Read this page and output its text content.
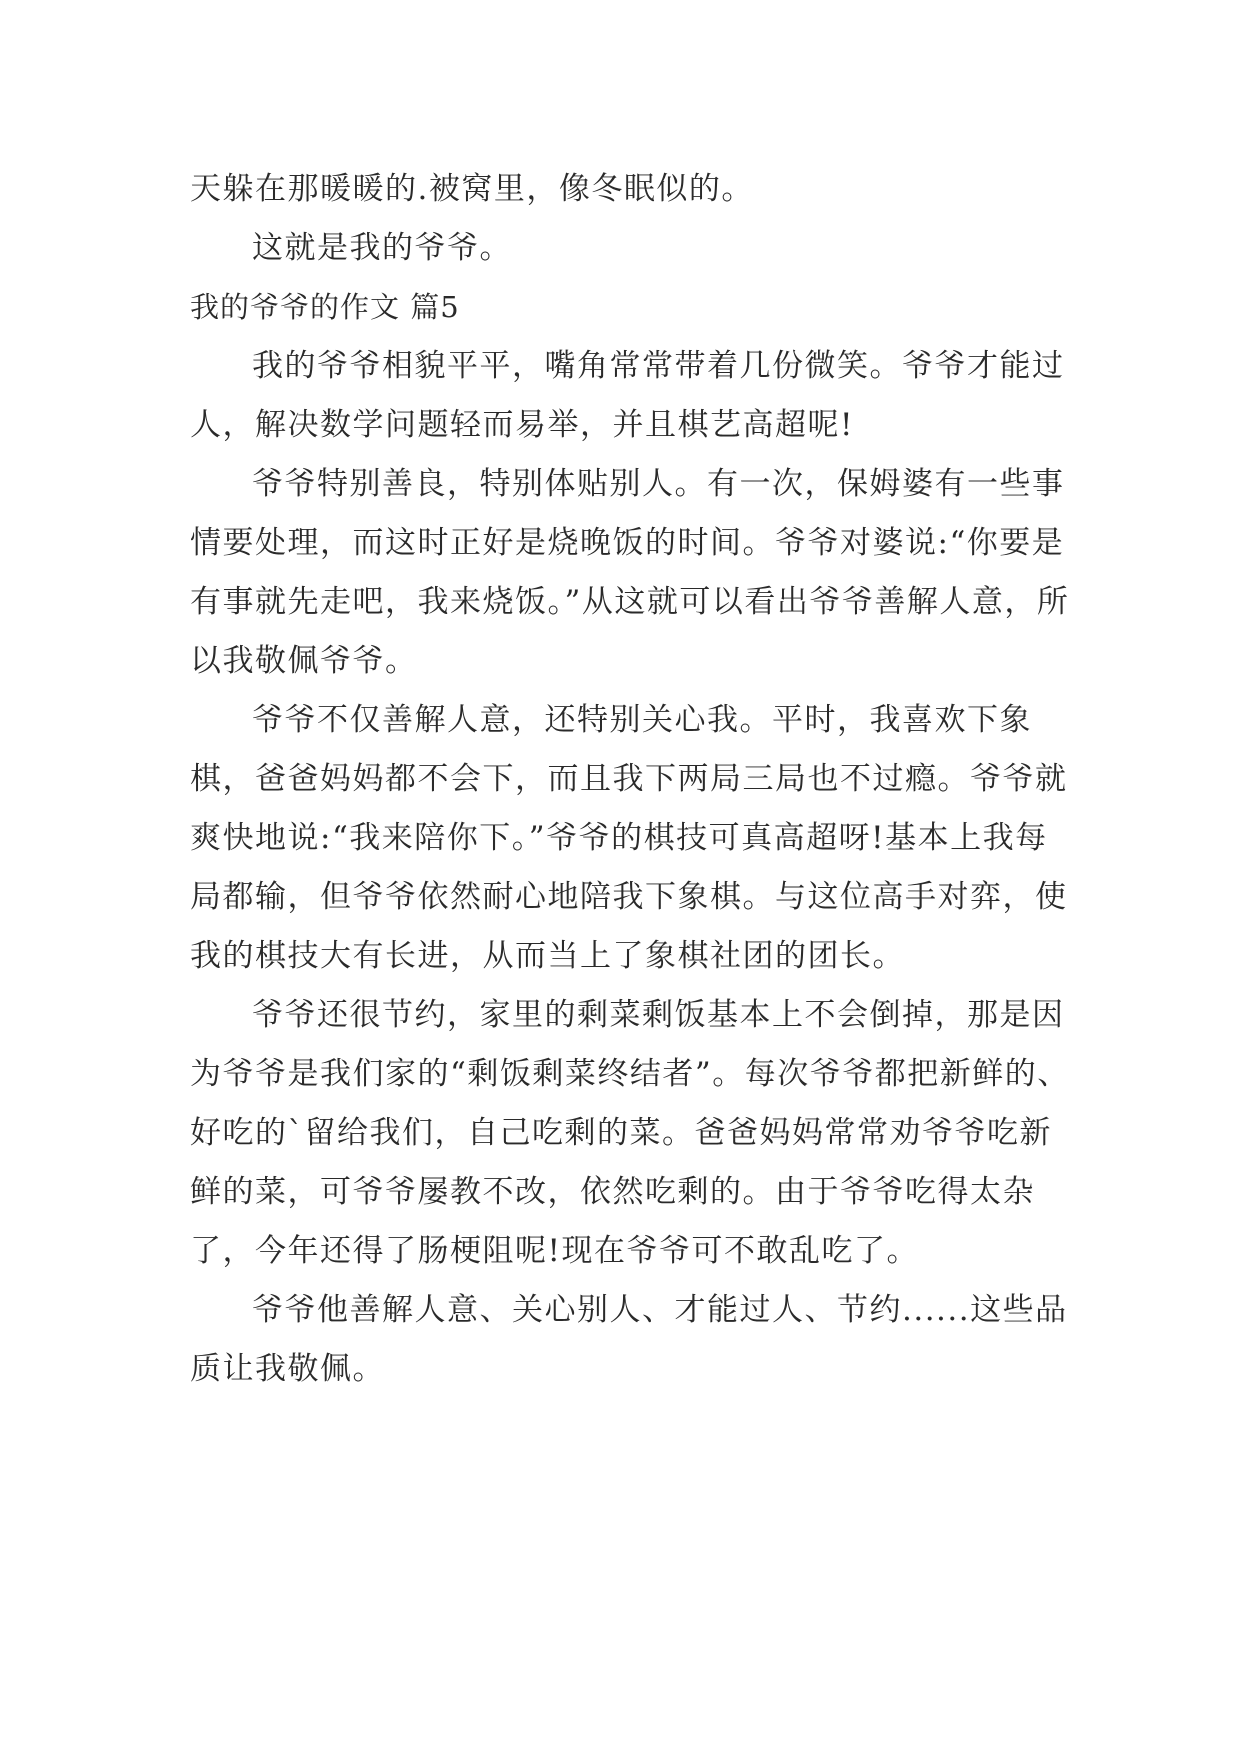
天躲在那暖暖的.被窝里，像冬眠似的。

这就是我的爷爷。

我的爷爷的作文 篇5

我的爷爷相貌平平，嘴角常常带着几份微笑。爷爷才能过人，解决数学问题轻而易举，并且棋艺高超呢!

爷爷特别善良，特别体贴别人。有一次，保姆婆有一些事情要处理，而这时正好是烧晚饭的时间。爷爷对婆说:“你要是有事就先走吧，我来烧饭。”从这就可以看出爷爷善解人意，所以我敬佩爷爷。

爷爷不仅善解人意，还特别关心我。平时，我喜欢下象棋，爸爸妈妈都不会下，而且我下两局三局也不过瘾。爷爷就爽快地说:“我来陪你下。”爷爷的棋技可真高超呀!基本上我每局都输，但爷爷依然耐心地陪我下象棋。与这位高手对弈，使我的棋技大有长进，从而当上了象棋社团的团长。

爷爷还很节约，家里的剩菜剩饭基本上不会倒掉，那是因为爷爷是我们家的“剩饭剩菜终结者”。每次爷爷都把新鲜的、好吃的`留给我们，自己吃剩的菜。爸爸妈妈常常劝爷爷吃新鲜的菜，可爷爷屡教不改，依然吃剩的。由于爷爷吃得太杂了，今年还得了肠梗阻呢!现在爷爷可不敢乱吃了。

爷爷他善解人意、关心别人、才能过人、节约......这些品质让我敬佩。
